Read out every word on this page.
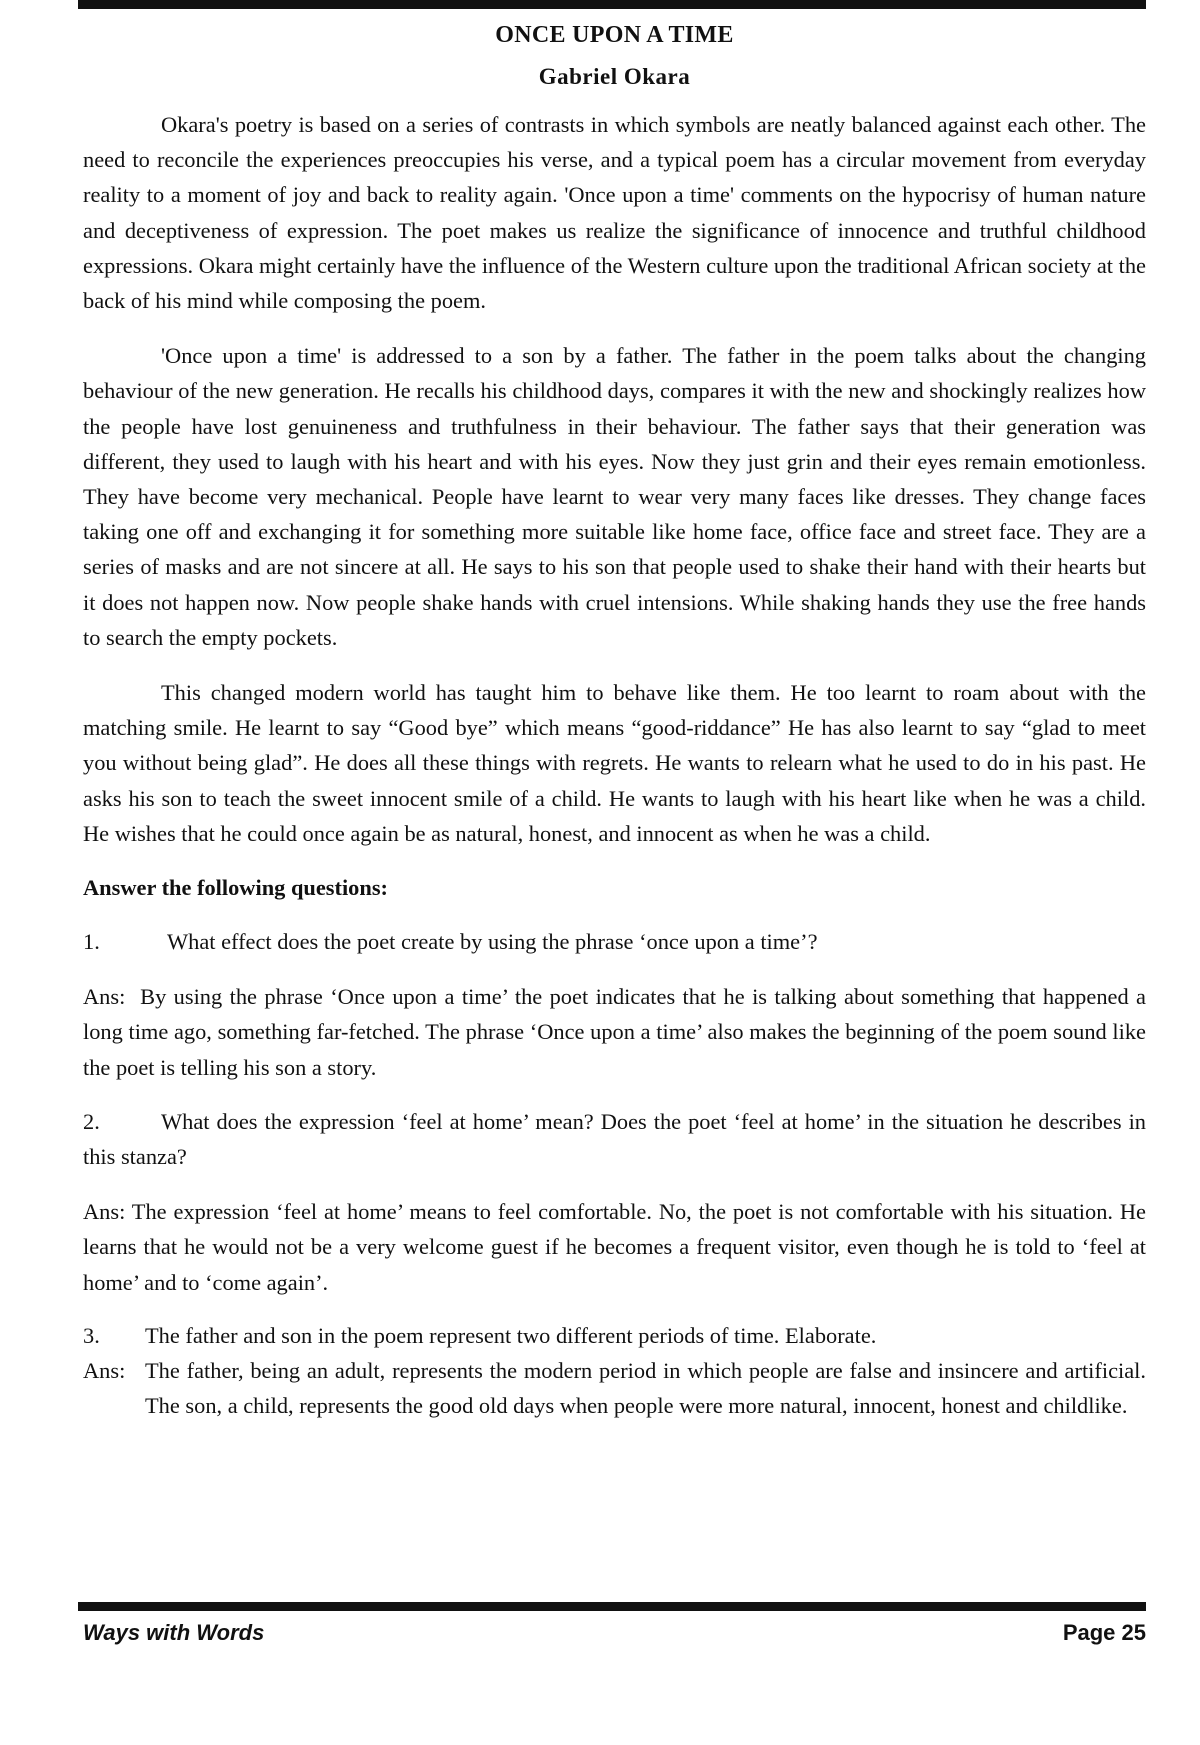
ONCE UPON A TIME
Gabriel Okara

Okara's poetry is based on a series of contrasts in which symbols are neatly balanced against each other. The need to reconcile the experiences preoccupies his verse, and a typical poem has a circular movement from everyday reality to a moment of joy and back to reality again. 'Once upon a time' comments on the hypocrisy of human nature and deceptiveness of expression. The poet makes us realize the significance of innocence and truthful childhood expressions. Okara might certainly have the influence of the Western culture upon the traditional African society at the back of his mind while composing the poem.

'Once upon a time' is addressed to a son by a father. The father in the poem talks about the changing behaviour of the new generation. He recalls his childhood days, compares it with the new and shockingly realizes how the people have lost genuineness and truthfulness in their behaviour. The father says that their generation was different, they used to laugh with his heart and with his eyes. Now they just grin and their eyes remain emotionless. They have become very mechanical. People have learnt to wear very many faces like dresses. They change faces taking one off and exchanging it for something more suitable like home face, office face and street face. They are a series of masks and are not sincere at all. He says to his son that people used to shake their hand with their hearts but it does not happen now. Now people shake hands with cruel intensions. While shaking hands they use the free hands to search the empty pockets.

This changed modern world has taught him to behave like them. He too learnt to roam about with the matching smile. He learnt to say “Good bye” which means “good-riddance” He has also learnt to say “glad to meet you without being glad”. He does all these things with regrets. He wants to relearn what he used to do in his past. He asks his son to teach the sweet innocent smile of a child. He wants to laugh with his heart like when he was a child. He wishes that he could once again be as natural, honest, and innocent as when he was a child.

Answer the following questions:
1.	What effect does the poet create by using the phrase ‘once upon a time’?
Ans: By using the phrase ‘Once upon a time’ the poet indicates that he is talking about something that happened a long time ago, something far-fetched. The phrase ‘Once upon a time’ also makes the beginning of the poem sound like the poet is telling his son a story.
2.	What does the expression ‘feel at home’ mean? Does the poet ‘feel at home’ in the situation he describes in this stanza?
Ans: The expression ‘feel at home’ means to feel comfortable. No, the poet is not comfortable with his situation. He learns that he would not be a very welcome guest if he becomes a frequent visitor, even though he is told to ‘feel at home’ and to ‘come again’.
3. The father and son in the poem represent two different periods of time. Elaborate.
Ans: The father, being an adult, represents the modern period in which people are false and insincere and artificial. The son, a child, represents the good old days when people were more natural, innocent, honest and childlike.
Ways with Words	Page 25
